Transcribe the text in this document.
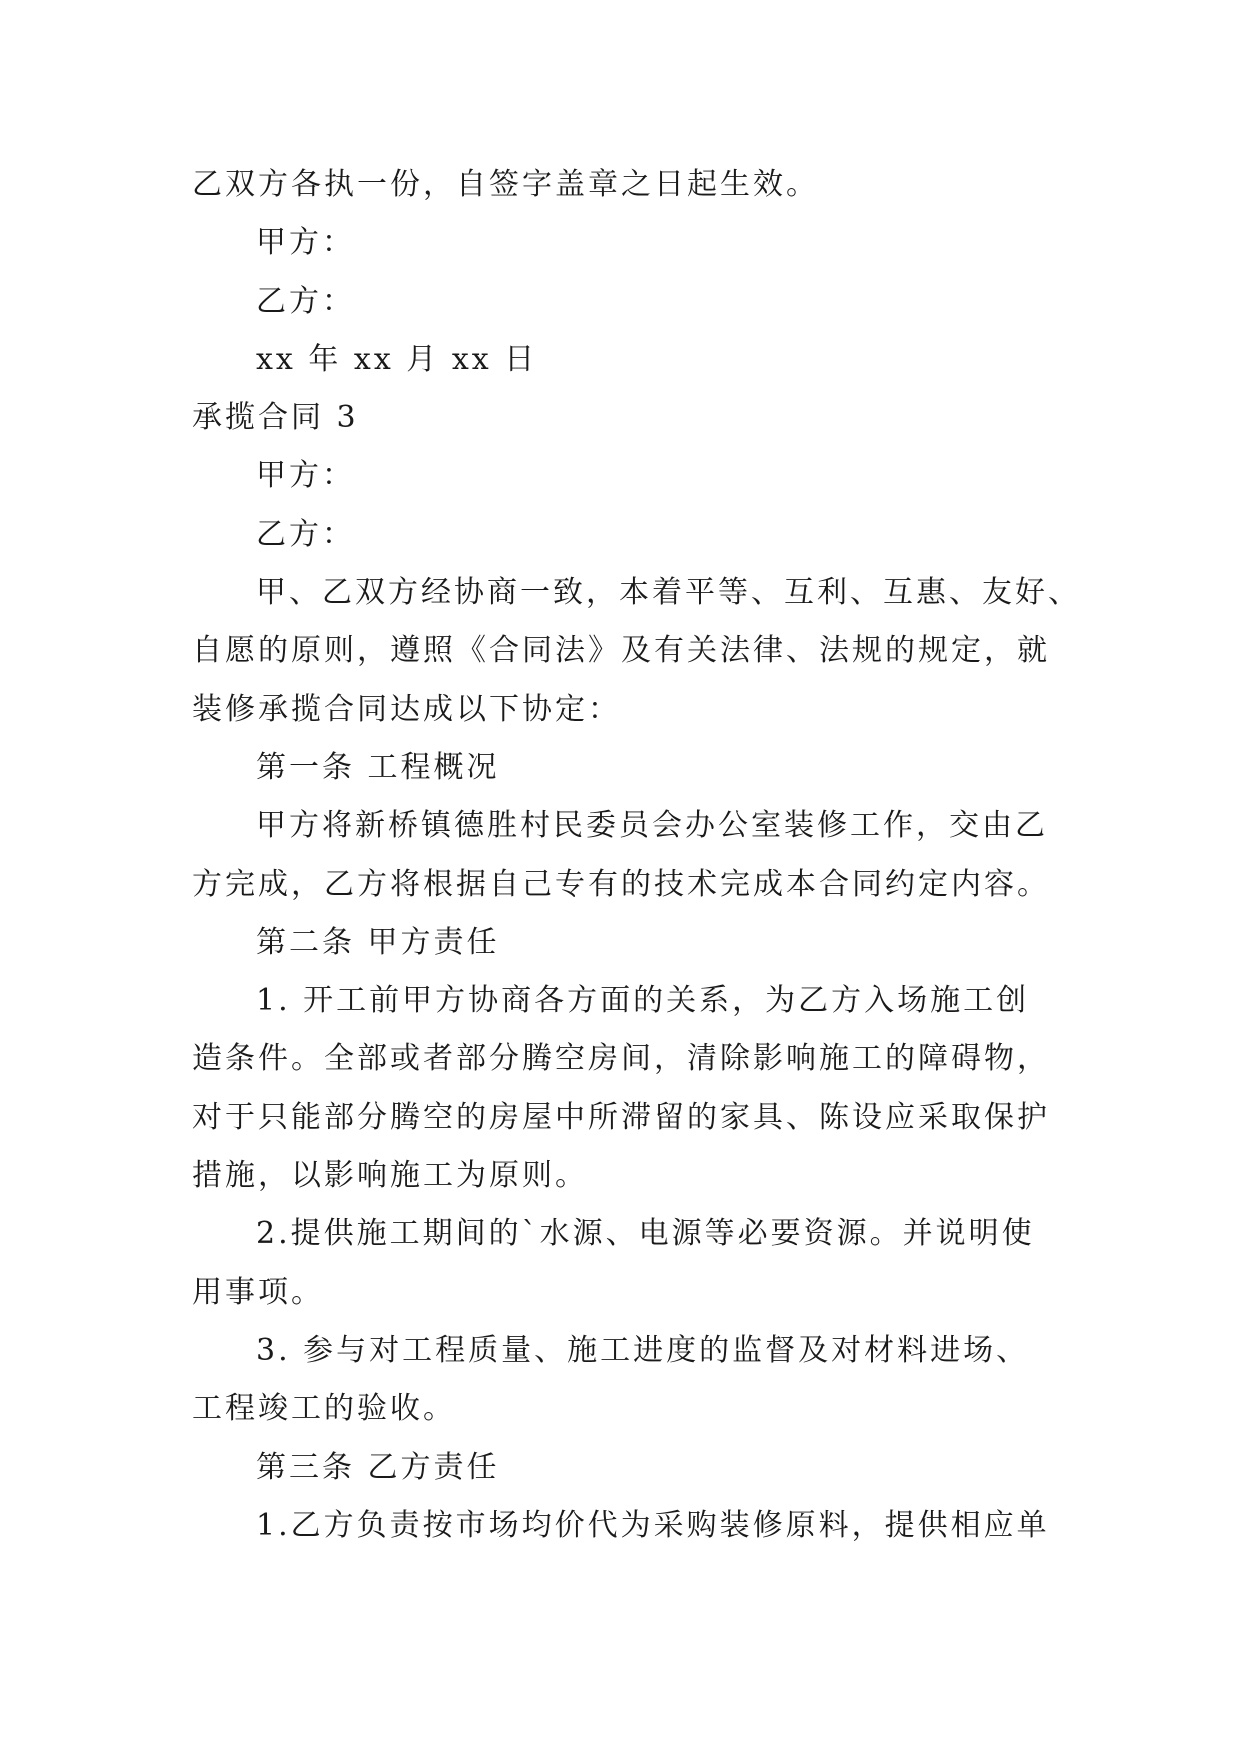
乙双方各执一份，自签字盖章之日起生效。

甲方：

乙方：

xx 年 xx 月 xx 日

承揽合同 3

甲方：

乙方：

甲、乙双方经协商一致，本着平等、互利、互惠、友好、

自愿的原则，遵照《合同法》及有关法律、法规的规定，就

装修承揽合同达成以下协定：

第一条 工程概况

甲方将新桥镇德胜村民委员会办公室装修工作，交由乙

方完成，乙方将根据自己专有的技术完成本合同约定内容。

第二条 甲方责任

1. 开工前甲方协商各方面的关系，为乙方入场施工创

造条件。全部或者部分腾空房间，清除影响施工的障碍物，

对于只能部分腾空的房屋中所滞留的家具、陈设应采取保护

措施，以影响施工为原则。

2.提供施工期间的`水源、电源等必要资源。并说明使

用事项。

3. 参与对工程质量、施工进度的监督及对材料进场、

工程竣工的验收。

第三条 乙方责任

1.乙方负责按市场均价代为采购装修原料，提供相应单
